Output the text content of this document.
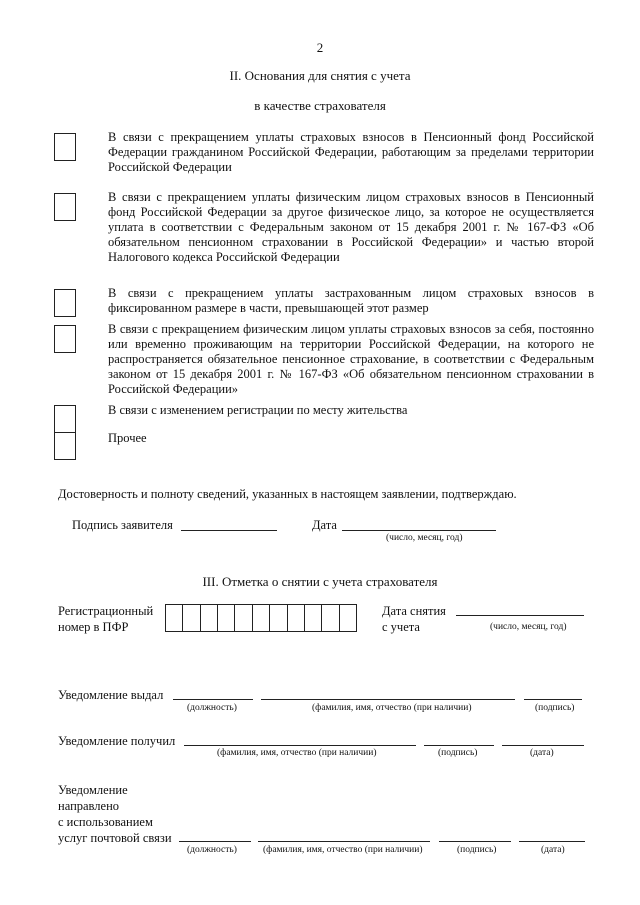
2
II. Основания для снятия с учета
в качестве страхователя
В связи с прекращением уплаты страховых взносов в Пенсионный фонд Российской Федерации гражданином Российской Федерации, работающим за пределами территории Российской Федерации
В связи с прекращением уплаты физическим лицом страховых взносов в Пенсионный фонд Российской Федерации за другое физическое лицо, за которое не осуществляется уплата в соответствии с Федеральным законом от 15 декабря 2001 г. № 167-ФЗ «Об обязательном пенсионном страховании в Российской Федерации» и частью второй Налогового кодекса Российской Федерации
В связи с прекращением уплаты застрахованным лицом страховых взносов в фиксированном размере в части, превышающей этот размер
В связи с прекращением физическим лицом уплаты страховых взносов за себя, постоянно или временно проживающим на территории Российской Федерации, на которого не распространяется обязательное пенсионное страхование, в соответствии с Федеральным законом от 15 декабря 2001 г. № 167-ФЗ «Об обязательном пенсионном страховании в Российской Федерации»
В связи с изменением регистрации по месту жительства
Прочее
Достоверность и полноту сведений, указанных в настоящем заявлении, подтверждаю.
Подпись заявителя	Дата
(число, месяц, год)
III. Отметка о снятии с учета страхователя
Регистрационный
номер в ПФР
Дата снятия
с учета	(число, месяц, год)
Уведомление выдал
(должность)	(фамилия, имя, отчество (при наличии)	(подпись)
Уведомление получил
(фамилия, имя, отчество (при наличии)	(подпись)	(дата)
Уведомление
направлено
с использованием
услуг почтовой связи
(должность)	(фамилия, имя, отчество (при наличии)	(подпись)	(дата)
